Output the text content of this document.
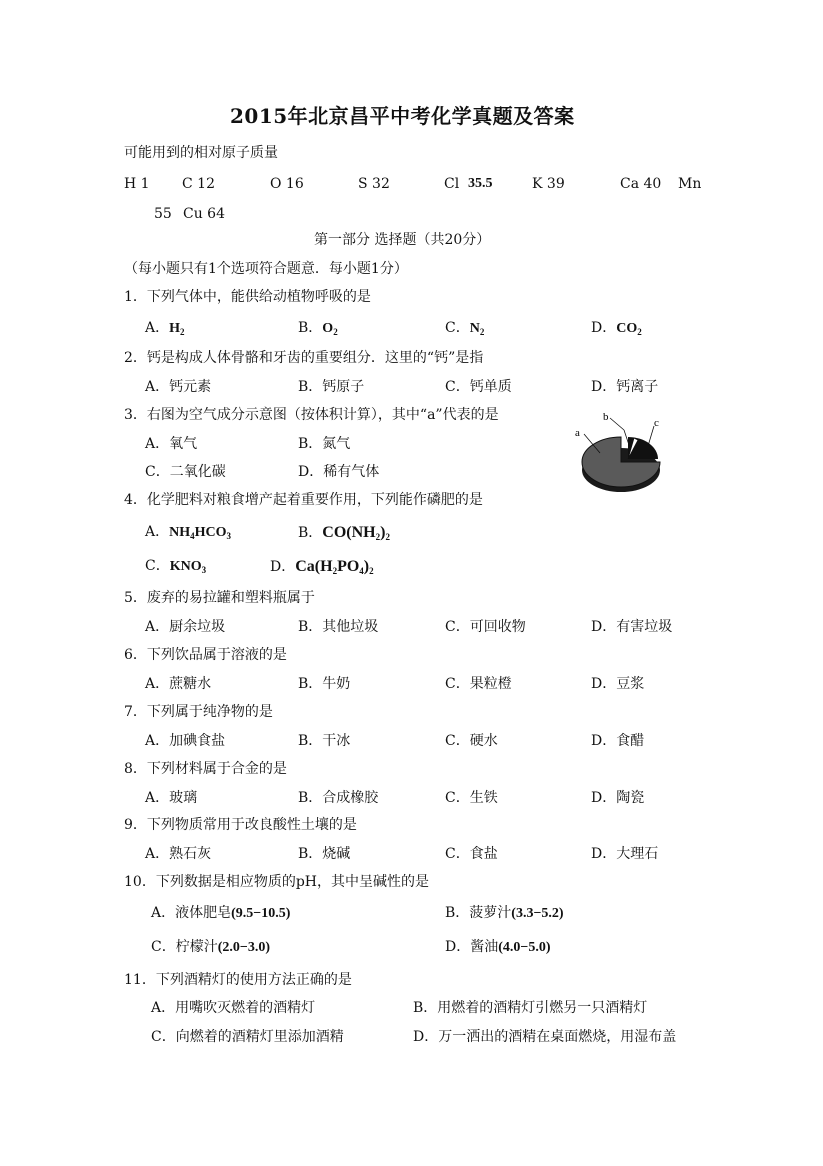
2015年北京昌平中考化学真题及答案
可能用到的相对原子质量
H 1 C 12	O 16	S 32	Cl 35.5	K 39	Ca 40 Mn
55 Cu 64
第一部分 选择题（共20分）
（每小题只有1个选项符合题意．每小题1分）
1．下列气体中，能供给动植物呼吸的是
A．$H_2$	B．$O_2$	C．$N_2$	D．$CO_2$
2．钙是构成人体骨骼和牙齿的重要组分．这里的“钙”是指
A．钙元素	B．钙原子	C．钙单质	D．钙离子
3．右图为空气成分示意图（按体积计算），其中“a”代表的是
A．氧气	B．氮气
C．二氧化碳	D．稀有气体
a
b	c
4．化学肥料对粮食增产起着重要作用，下列能作磷肥的是
A．$NH_4HCO_3$	B．$CO(NH_2)_2$
C．$KNO_3$	D．$Ca(H_2PO_4)_2$
5．废弃的易拉罐和塑料瓶属于
A．厨余垃圾	B．其他垃圾	C．可回收物	D．有害垃圾
6．下列饮品属于溶液的是
A．蔗糖水	B．牛奶	C．果粒橙	D．豆浆
7．下列属于纯净物的是
A．加碘食盐	B．干冰	C．硬水	D．食醋
8．下列材料属于合金的是
A．玻璃	B．合成橡胶	C．生铁	D．陶瓷
9．下列物质常用于改良酸性土壤的是
A．熟石灰	B．烧碱	C．食盐	D．大理石
10．下列数据是相应物质的pH，其中呈碱性的是
A．液体肥皂(9.5−10.5)	B．菠萝汁(3.3−5.2)
C．柠檬汁(2.0−3.0)	D．酱油(4.0−5.0)
11．下列酒精灯的使用方法正确的是
A．用嘴吹灭燃着的酒精灯	B．用燃着的酒精灯引燃另一只酒精灯
C．向燃着的酒精灯里添加酒精	D．万一洒出的酒精在桌面燃烧，用湿布盖
